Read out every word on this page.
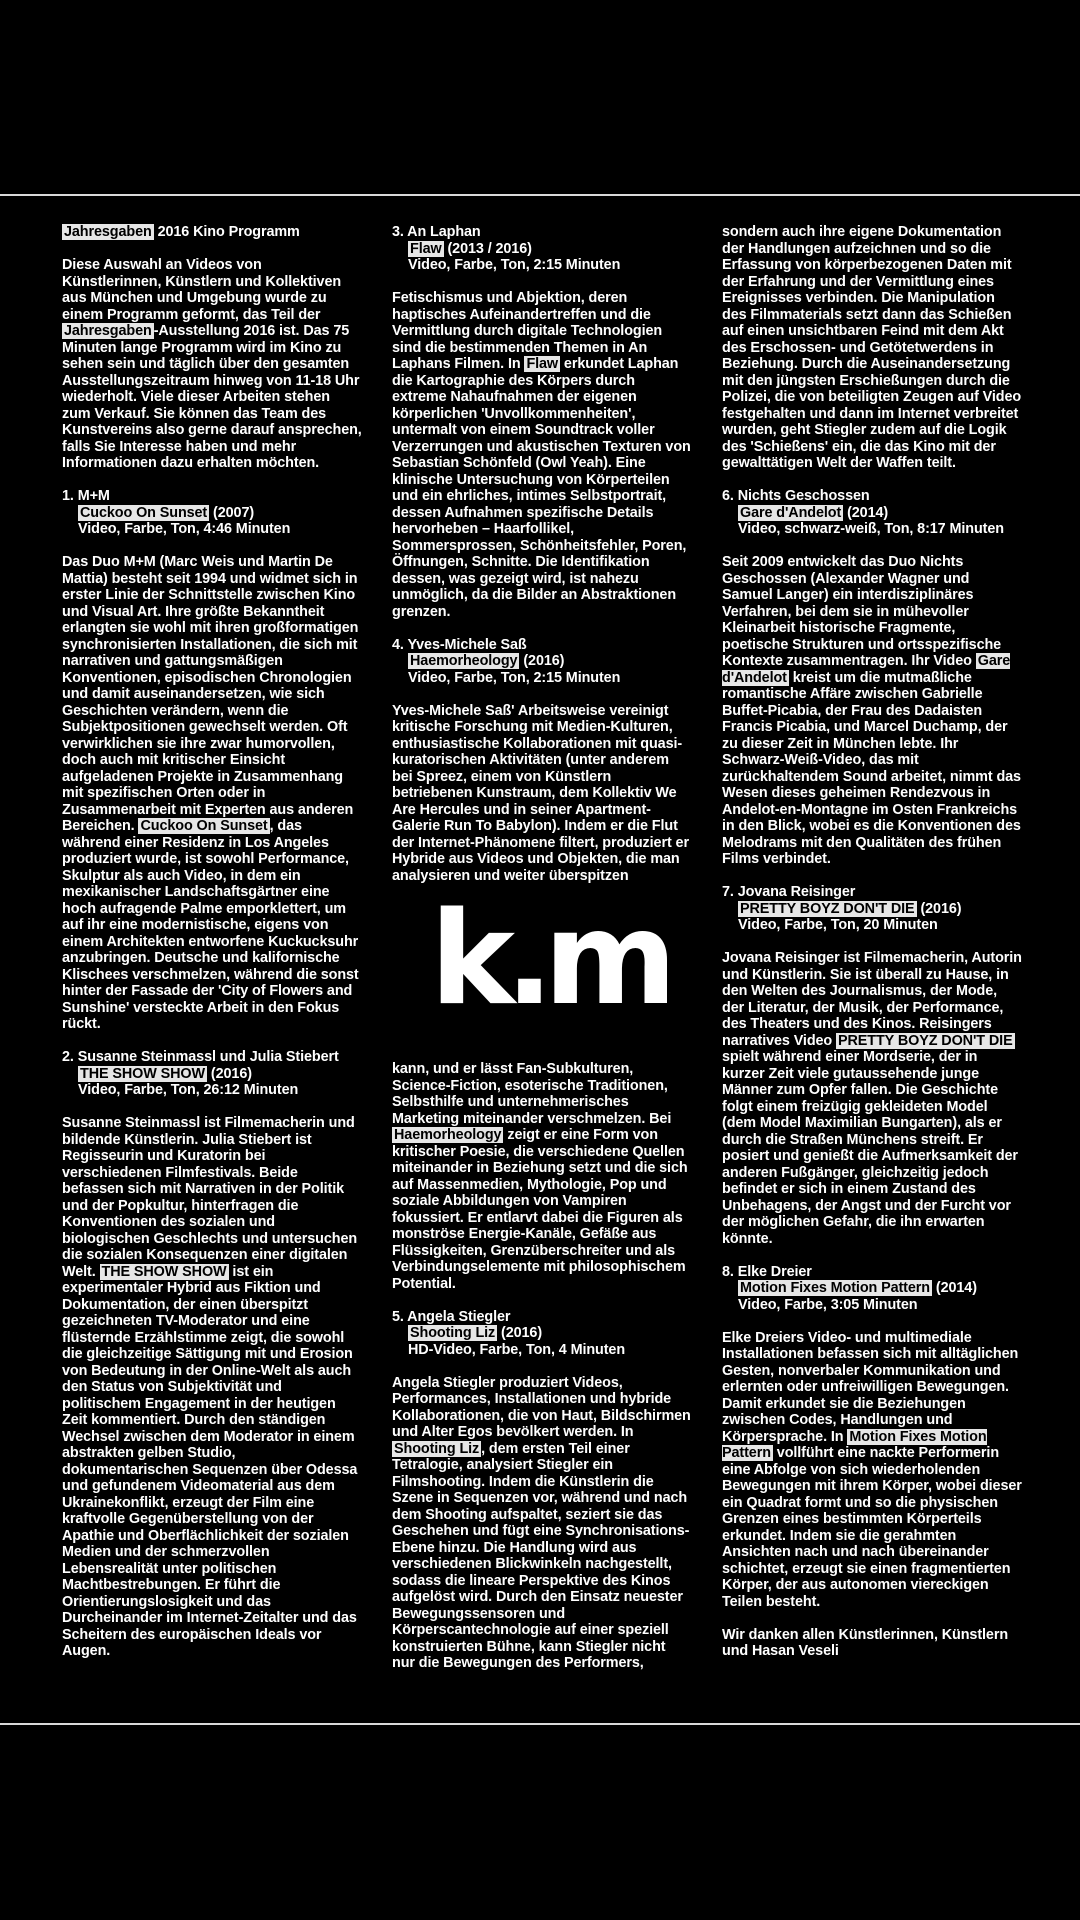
Jahresgaben 2016 Kino Programm

Diese Auswahl an Videos von Künstlerinnen, Künstlern und Kollektiven aus München und Umgebung wurde zu einem Programm geformt, das Teil der Jahresgaben -Ausstellung 2016 ist. Das 75 Minuten lange Programm wird im Kino zu sehen sein und täglich über den gesamten Ausstellungszeitraum hinweg von 11-18 Uhr wiederholt. Viele dieser Arbeiten stehen zum Verkauf. Sie können das Team des Kunstvereins also gerne darauf ansprechen, falls Sie Interesse haben und mehr Informationen dazu erhalten möchten.

1. M+M
Cuckoo On Sunset (2007)
Video, Farbe, Ton, 4:46 Minuten

Das Duo M+M (Marc Weis und Martin De Mattia) besteht seit 1994 und widmet sich in erster Linie der Schnittstelle zwischen Kino und Visual Art. Ihre größte Bekanntheit erlangten sie wohl mit ihren großformatigen synchronisierten Installationen, die sich mit narrativen und gattungsmäßigen Konventionen, episodischen Chronologien und damit auseinandersetzen, wie sich Geschichten verändern, wenn die Subjektpositionen gewechselt werden. Oft verwirklichen sie ihre zwar humorvollen, doch auch mit kritischer Einsicht aufgeladenen Projekte in Zusammenhang mit spezifischen Orten oder in Zusammenarbeit mit Experten aus anderen Bereichen. Cuckoo On Sunset , das während einer Residenz in Los Angeles produziert wurde, ist sowohl Performance, Skulptur als auch Video, in dem ein mexikanischer Landschaftsgärtner eine hoch aufragende Palme emporklettert, um auf ihr eine modernistische, eigens von einem Architekten entworfene Kuckucksuhr anzubringen. Deutsche und kalifornische Klischees verschmelzen, während die sonst hinter der Fassade der 'City of Flowers and Sunshine' versteckte Arbeit in den Fokus rückt.

2. Susanne Steinmassl und Julia Stiebert
THE SHOW SHOW (2016)
Video, Farbe, Ton, 26:12 Minuten

Susanne Steinmassl ist Filmemacherin und bildende Künstlerin. Julia Stiebert ist Regisseurin und Kuratorin bei verschiedenen Filmfestivals. Beide befassen sich mit Narrativen in der Politik und der Popkultur, hinterfragen die Konventionen des sozialen und biologischen Geschlechts und untersuchen die sozialen Konsequenzen einer digitalen Welt. THE SHOW SHOW ist ein experimentaler Hybrid aus Fiktion und Dokumentation, der einen überspitzt gezeichneten TV-Moderator und eine flüsternde Erzählstimme zeigt, die sowohl die gleichzeitige Sättigung mit und Erosion von Bedeutung in der Online-Welt als auch den Status von Subjektivität und politischem Engagement in der heutigen Zeit kommentiert. Durch den ständigen Wechsel zwischen dem Moderator in einem abstrakten gelben Studio, dokumentarischen Sequenzen über Odessa und gefundenem Videomaterial aus dem Ukrainekonflikt, erzeugt der Film eine kraftvolle Gegenüberstellung von der Apathie und Oberflächlichkeit der sozialen Medien und der schmerzvollen Lebensrealität unter politischen Machtbestrebungen. Er führt die Orientierungslosigkeit und das Durcheinander im Internet-Zeitalter und das Scheitern des europäischen Ideals vor Augen.

3. An Laphan
Flaw (2013 / 2016)
Video, Farbe, Ton, 2:15 Minuten

Fetischismus und Abjektion, deren haptisches Aufeinandertreffen und die Vermittlung durch digitale Technologien sind die bestimmenden Themen in An Laphans Filmen. In Flaw erkundet Laphan die Kartographie des Körpers durch extreme Nahaufnahmen der eigenen körperlichen 'Unvollkommenheiten', untermalt von einem Soundtrack voller Verzerrungen und akustischen Texturen von Sebastian Schönfeld (Owl Yeah). Eine klinische Untersuchung von Körperteilen und ein ehrliches, intimes Selbstportrait, dessen Aufnahmen spezifische Details hervorheben – Haarfollikel, Sommersprossen, Schönheitsfehler, Poren, Öffnungen, Schnitte. Die Identifikation dessen, was gezeigt wird, ist nahezu unmöglich, da die Bilder an Abstraktionen grenzen.

4. Yves-Michele Saß
Haemorheology (2016)
Video, Farbe, Ton, 2:15 Minuten

Yves-Michele Saß' Arbeitsweise vereinigt kritische Forschung mit Medien-Kulturen, enthusiastische Kollaborationen mit quasi-kuratorischen Aktivitäten (unter anderem bei Spreez, einem von Künstlern betriebenen Kunstraum, dem Kollektiv We Are Hercules und in seiner Apartment-Galerie Run To Babylon). Indem er die Flut der Internet-Phänomene filtert, produziert er Hybride aus Videos und Objekten, die man analysieren und weiter überspitzen

k.m

kann, und er lässt Fan-Subkulturen, Science-Fiction, esoterische Traditionen, Selbsthilfe und unternehmerisches Marketing miteinander verschmelzen. Bei Haemorheology zeigt er eine Form von kritischer Poesie, die verschiedene Quellen miteinander in Beziehung setzt und die sich auf Massenmedien, Mythologie, Pop und soziale Abbildungen von Vampiren fokussiert. Er entlarvt dabei die Figuren als monströse Energie-Kanäle, Gefäße aus Flüssigkeiten, Grenzüberschreiter und als Verbindungselemente mit philosophischem Potential.

5. Angela Stiegler
Shooting Liz (2016)
HD-Video, Farbe, Ton, 4 Minuten

Angela Stiegler produziert Videos, Performances, Installationen und hybride Kollaborationen, die von Haut, Bildschirmen und Alter Egos bevölkert werden. In Shooting Liz , dem ersten Teil einer Tetralogie, analysiert Stiegler ein Filmshooting. Indem die Künstlerin die Szene in Sequenzen vor, während und nach dem Shooting aufspaltet, seziert sie das Geschehen und fügt eine Synchronisations-Ebene hinzu. Die Handlung wird aus verschiedenen Blickwinkeln nachgestellt, sodass die lineare Perspektive des Kinos aufgelöst wird. Durch den Einsatz neuester Bewegungssensoren und Körperscantechnologie auf einer speziell konstruierten Bühne, kann Stiegler nicht nur die Bewegungen des Performers,

sondern auch ihre eigene Dokumentation der Handlungen aufzeichnen und so die Erfassung von körperbezogenen Daten mit der Erfahrung und der Vermittlung eines Ereignisses verbinden. Die Manipulation des Filmmaterials setzt dann das Schießen auf einen unsichtbaren Feind mit dem Akt des Erschossen- und Getötetwerdens in Beziehung. Durch die Auseinandersetzung mit den jüngsten Erschießungen durch die Polizei, die von beteiligten Zeugen auf Video festgehalten und dann im Internet verbreitet wurden, geht Stiegler zudem auf die Logik des 'Schießens' ein, die das Kino mit der gewalttätigen Welt der Waffen teilt.

6. Nichts Geschossen
Gare d'Andelot (2014)
Video, schwarz-weiß, Ton, 8:17 Minuten

Seit 2009 entwickelt das Duo Nichts Geschossen (Alexander Wagner und Samuel Langer) ein interdisziplinäres Verfahren, bei dem sie in mühevoller Kleinarbeit historische Fragmente, poetische Strukturen und ortsspezifische Kontexte zusammentragen. Ihr Video Gare d'Andelot kreist um die mutmaßliche romantische Affäre zwischen Gabrielle Buffet-Picabia, der Frau des Dadaisten Francis Picabia, und Marcel Duchamp, der zu dieser Zeit in München lebte. Ihr Schwarz-Weiß-Video, das mit zurückhaltendem Sound arbeitet, nimmt das Wesen dieses geheimen Rendezvous in Andelot-en-Montagne im Osten Frankreichs in den Blick, wobei es die Konventionen des Melodrams mit den Qualitäten des frühen Films verbindet.

7. Jovana Reisinger
PRETTY BOYZ DON'T DIE (2016)
Video, Farbe, Ton, 20 Minuten

Jovana Reisinger ist Filmemacherin, Autorin und Künstlerin. Sie ist überall zu Hause, in den Welten des Journalismus, der Mode, der Literatur, der Musik, der Performance, des Theaters und des Kinos. Reisingers narratives Video PRETTY BOYZ DON'T DIE spielt während einer Mordserie, der in kurzer Zeit viele gutaussehende junge Männer zum Opfer fallen. Die Geschichte folgt einem freizügig gekleideten Model (dem Model Maximilian Bungarten), als er durch die Straßen Münchens streift. Er posiert und genießt die Aufmerksamkeit der anderen Fußgänger, gleichzeitig jedoch befindet er sich in einem Zustand des Unbehagens, der Angst und der Furcht vor der möglichen Gefahr, die ihn erwarten könnte.

8. Elke Dreier
Motion Fixes Motion Pattern (2014)
Video, Farbe, 3:05 Minuten

Elke Dreiers Video- und multimediale Installationen befassen sich mit alltäglichen Gesten, nonverbaler Kommunikation und erlernten oder unfreiwilligen Bewegungen. Damit erkundet sie die Beziehungen zwischen Codes, Handlungen und Körpersprache. In Motion Fixes Motion Pattern vollführt eine nackte Performerin eine Abfolge von sich wiederholenden Bewegungen mit ihrem Körper, wobei dieser ein Quadrat formt und so die physischen Grenzen eines bestimmten Körperteils erkundet. Indem sie die gerahmten Ansichten nach und nach übereinander schichtet, erzeugt sie einen fragmentierten Körper, der aus autonomen viereckigen Teilen besteht.

Wir danken allen Künstlerinnen, Künstlern und Hasan Veseli
